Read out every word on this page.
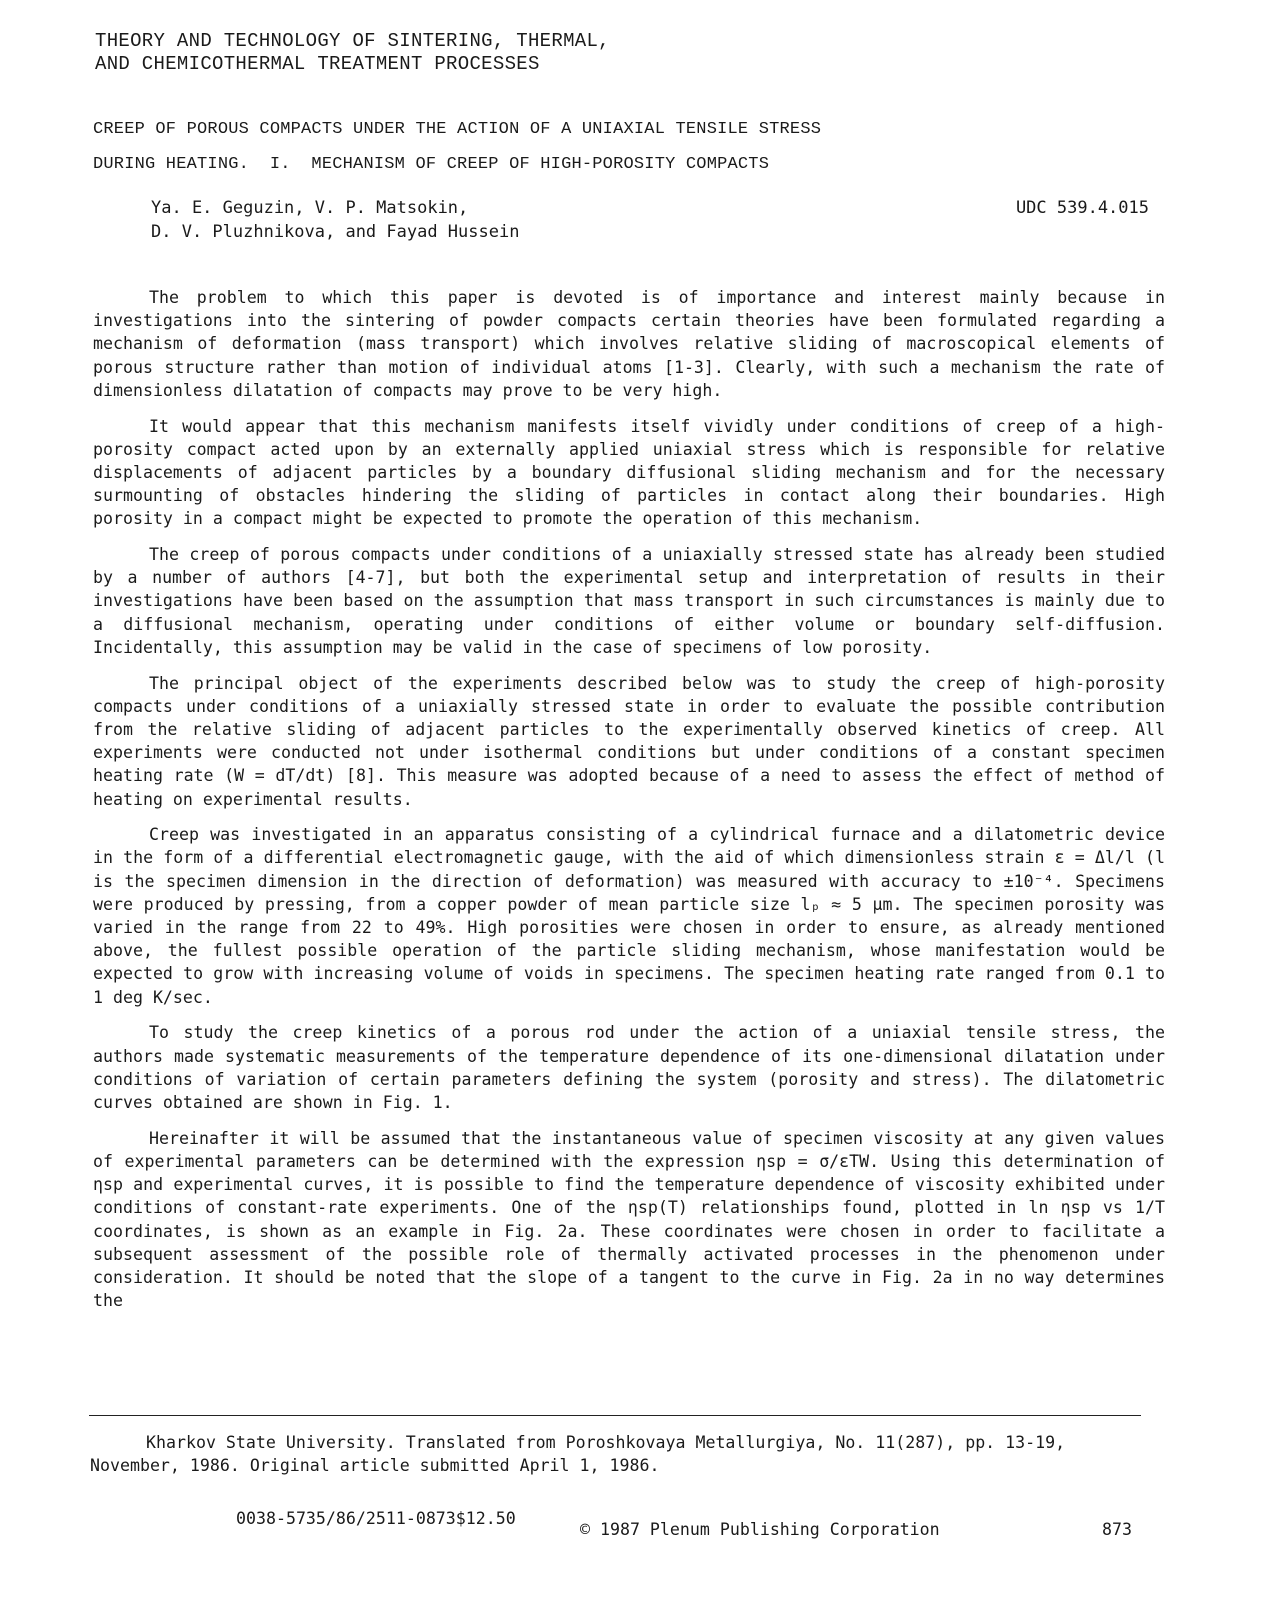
THEORY AND TECHNOLOGY OF SINTERING, THERMAL,
AND CHEMICOTHERMAL TREATMENT PROCESSES
CREEP OF POROUS COMPACTS UNDER THE ACTION OF A UNIAXIAL TENSILE STRESS
DURING HEATING.  I.  MECHANISM OF CREEP OF HIGH-POROSITY COMPACTS
Ya. E. Geguzin, V. P. Matsokin,
D. V. Pluzhnikova, and Fayad Hussein
UDC 539.4.015

The problem to which this paper is devoted is of importance and interest mainly because in investigations into the sintering of powder compacts certain theories have been formulated regarding a mechanism of deformation (mass transport) which involves relative sliding of macroscopical elements of porous structure rather than motion of individual atoms [1-3]. Clearly, with such a mechanism the rate of dimensionless dilatation of compacts may prove to be very high.

It would appear that this mechanism manifests itself vividly under conditions of creep of a high-porosity compact acted upon by an externally applied uniaxial stress which is responsible for relative displacements of adjacent particles by a boundary diffusional sliding mechanism and for the necessary surmounting of obstacles hindering the sliding of particles in contact along their boundaries. High porosity in a compact might be expected to promote the operation of this mechanism.

The creep of porous compacts under conditions of a uniaxially stressed state has already been studied by a number of authors [4-7], but both the experimental setup and interpretation of results in their investigations have been based on the assumption that mass transport in such circumstances is mainly due to a diffusional mechanism, operating under conditions of either volume or boundary self-diffusion. Incidentally, this assumption may be valid in the case of specimens of low porosity.

The principal object of the experiments described below was to study the creep of high-porosity compacts under conditions of a uniaxially stressed state in order to evaluate the possible contribution from the relative sliding of adjacent particles to the experimentally observed kinetics of creep. All experiments were conducted not under isothermal conditions but under conditions of a constant specimen heating rate (W = dT/dt) [8]. This measure was adopted because of a need to assess the effect of method of heating on experimental results.

Creep was investigated in an apparatus consisting of a cylindrical furnace and a dilatometric device in the form of a differential electromagnetic gauge, with the aid of which dimensionless strain ε = Δl/l (l is the specimen dimension in the direction of deformation) was measured with accuracy to ±10⁻⁴. Specimens were produced by pressing, from a copper powder of mean particle size lₚ ≈ 5 μm. The specimen porosity was varied in the range from 22 to 49%. High porosities were chosen in order to ensure, as already mentioned above, the fullest possible operation of the particle sliding mechanism, whose manifestation would be expected to grow with increasing volume of voids in specimens. The specimen heating rate ranged from 0.1 to 1 deg K/sec.

To study the creep kinetics of a porous rod under the action of a uniaxial tensile stress, the authors made systematic measurements of the temperature dependence of its one-dimensional dilatation under conditions of variation of certain parameters defining the system (porosity and stress). The dilatometric curves obtained are shown in Fig. 1.

Hereinafter it will be assumed that the instantaneous value of specimen viscosity at any given values of experimental parameters can be determined with the expression ηsp = σ/ε̇TW. Using this determination of ηsp and experimental curves, it is possible to find the temperature dependence of viscosity exhibited under conditions of constant-rate experiments. One of the ηsp(T) relationships found, plotted in ln ηsp vs 1/T coordinates, is shown as an example in Fig. 2a. These coordinates were chosen in order to facilitate a subsequent assessment of the possible role of thermally activated processes in the phenomenon under consideration. It should be noted that the slope of a tangent to the curve in Fig. 2a in no way determines the

Kharkov State University. Translated from Poroshkovaya Metallurgiya, No. 11(287), pp. 13-19, November, 1986. Original article submitted April 1, 1986.
0038-5735/86/2511-0873$12.50
© 1987 Plenum Publishing Corporation	873
